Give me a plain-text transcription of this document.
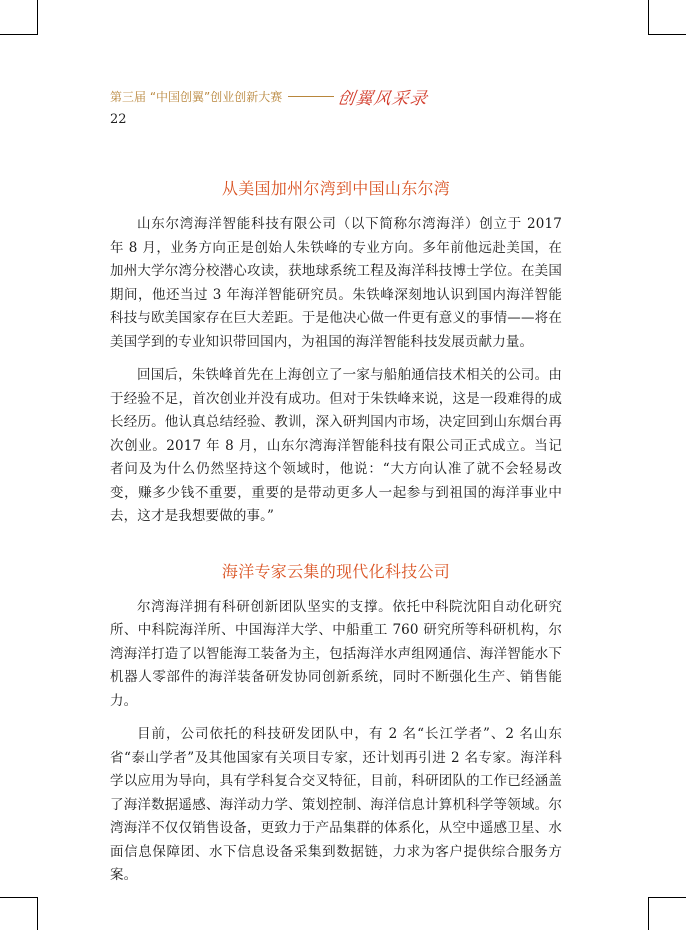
第三届 “中国创翼”创业创新大赛	创翼风采录
22
从美国加州尔湾到中国山东尔湾

山东尔湾海洋智能科技有限公司（以下简称尔湾海洋）创立于 2017 年 8 月，业务方向正是创始人朱铁峰的专业方向。多年前他远赴美国，在加州大学尔湾分校潜心攻读，获地球系统工程及海洋科技博士学位。在美国期间，他还当过 3 年海洋智能研究员。朱铁峰深刻地认识到国内海洋智能科技与欧美国家存在巨大差距。于是他决心做一件更有意义的事情——将在美国学到的专业知识带回国内，为祖国的海洋智能科技发展贡献力量。

回国后，朱铁峰首先在上海创立了一家与船舶通信技术相关的公司。由于经验不足，首次创业并没有成功。但对于朱铁峰来说，这是一段难得的成长经历。他认真总结经验、教训，深入研判国内市场，决定回到山东烟台再次创业。2017 年 8 月，山东尔湾海洋智能科技有限公司正式成立。当记者问及为什么仍然坚持这个领域时，他说：“大方向认准了就不会轻易改变，赚多少钱不重要，重要的是带动更多人一起参与到祖国的海洋事业中去，这才是我想要做的事。”

海洋专家云集的现代化科技公司

尔湾海洋拥有科研创新团队坚实的支撑。依托中科院沈阳自动化研究所、中科院海洋所、中国海洋大学、中船重工 760 研究所等科研机构，尔湾海洋打造了以智能海工装备为主，包括海洋水声组网通信、海洋智能水下机器人零部件的海洋装备研发协同创新系统，同时不断强化生产、销售能力。

目前，公司依托的科技研发团队中，有 2 名“长江学者”、2 名山东省“泰山学者”及其他国家有关项目专家，还计划再引进 2 名专家。海洋科学以应用为导向，具有学科复合交叉特征，目前，科研团队的工作已经涵盖了海洋数据遥感、海洋动力学、策划控制、海洋信息计算机科学等领域。尔湾海洋不仅仅销售设备，更致力于产品集群的体系化，从空中遥感卫星、水面信息保障团、水下信息设备采集到数据链，力求为客户提供综合服务方案。
